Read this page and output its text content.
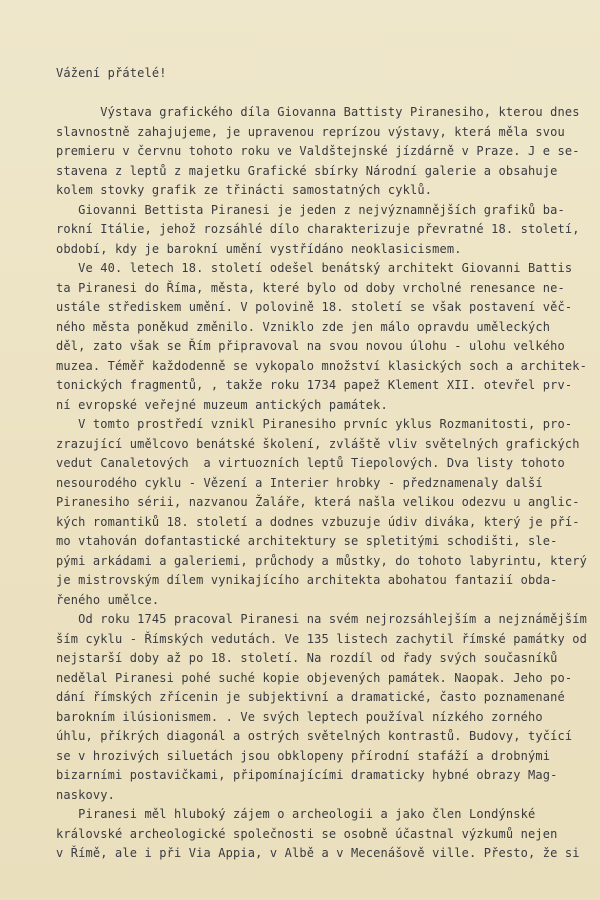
Vážení přátelé!
Výstava grafického díla Giovanna Battisty Piranesiho, kterou dnes
slavnostně zahajujeme, je upravenou reprízou výstavy, která měla svou
premieru v červnu tohoto roku ve Valdštejnské jízdárně v Praze. J e se-
stavena z leptů z majetku Grafické sbírky Národní galerie a obsahuje
kolem stovky grafik ze třinácti samostatných cyklů.
Giovanni Bettista Piranesi je jeden z nejvýznamnějších grafiků ba-
rokní Itálie, jehož rozsáhlé dílo charakterizuje převratné 18. století,
období, kdy je barokní umění vystřídáno neoklasicismem.
Ve 40. letech 18. století odešel benátský architekt Giovanni Battis
ta Piranesi do Říma, města, které bylo od doby vrcholné renesance ne-
ustále střediskem umění. V polovině 18. století se však postavení věč-
ného města poněkud změnilo. Vzniklo zde jen málo opravdu uměleckých
děl, zato však se Řím připravoval na svou novou úlohu - ulohu velkého
muzea. Téměř každodenně se vykopalo množství klasických soch a architek-
tonických fragmentů, , takže roku 1734 papež Klement XII. otevřel prv-
ní evropské veřejné muzeum antických památek.
V tomto prostředí vznikl Piranesiho prvníc yklus Rozmanitosti, pro-
zrazující umělcovo benátské školení, zvláště vliv světelných grafických
vedut Canaletových  a virtuozních leptů Tiepolových. Dva listy tohoto
nesourodého cyklu - Vězení a Interier hrobky - předznamenaly další
Piranesiho sérii, nazvanou Žaláře, která našla velikou odezvu u anglic-
kých romantiků 18. století a dodnes vzbuzuje údiv diváka, který je pří-
mo vtahován dofantastické architektury se spletitými schodišti, sle-
pými arkádami a galeriemi, průchody a můstky, do tohoto labyrintu, který
je mistrovským dílem vynikajícího architekta abohatou fantazií obda-
řeného umělce.
Od roku 1745 pracoval Piranesi na svém nejrozsáhlejším a nejznámějším
ším cyklu - Římských vedutách. Ve 135 listech zachytil římské památky od
nejstarší doby až po 18. století. Na rozdíl od řady svých současníků
nedělal Piranesi pohé suché kopie objevených památek. Naopak. Jeho po-
dání římských zřícenin je subjektivní a dramatické, často poznamenané
barokním ilúsionismem. . Ve svých leptech používal nízkého zorného
úhlu, příkrých diagonál a ostrých světelných kontrastů. Budovy, tyčící
se v hrozivých siluetách jsou obklopeny přírodní stafáží a drobnými
bizarními postavičkami, připomínajícími dramaticky hybné obrazy Mag-
naskovy.
Piranesi měl hluboký zájem o archeologii a jako člen Londýnské
královské archeologické společnosti se osobně účastnal výzkumů nejen
v Římě, ale i při Via Appia, v Albě a v Mecenášově ville. Přesto, že si
